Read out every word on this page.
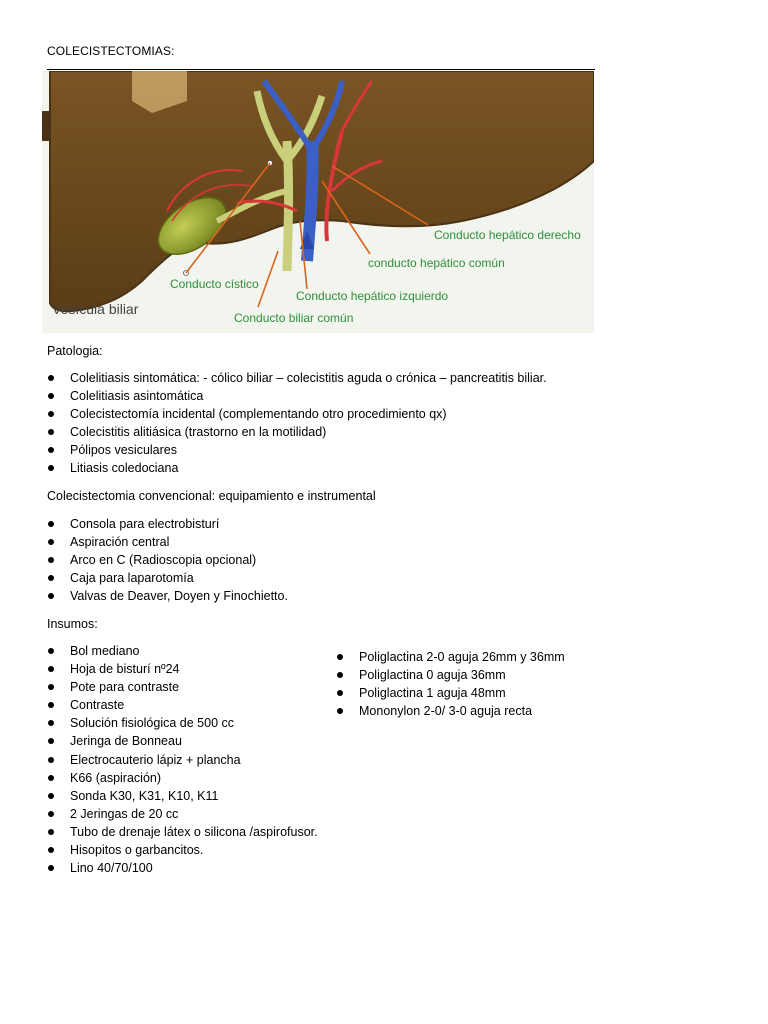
COLECISTECTOMIAS:
Conducto hepático derecho
conducto hepático común
Conducto cístico
Conducto hepático izquierdo
Vesícula biliar
Conducto biliar común
Patologia:
Colelitiasis sintomática: - cólico biliar – colecistitis aguda o crónica – pancreatitis biliar.
Colelitiasis asintomática
Colecistectomía incidental (complementando otro procedimiento qx)
Colecistitis alitiásica (trastorno en la motilidad)
Pólipos vesiculares
Litiasis coledociana
Colecistectomia convencional: equipamiento e instrumental
Consola para electrobisturí
Aspiración central
Arco en C (Radioscopia opcional)
Caja para laparotomía
Valvas de Deaver, Doyen y Finochietto.
Insumos:
Bol mediano
Hoja de bisturí nº24
Pote para contraste
Contraste
Solución fisiológica de 500 cc
Jeringa de Bonneau
Electrocauterio lápiz + plancha
K66 (aspiración)
Sonda K30, K31, K10, K11
2 Jeringas de 20 cc
Tubo de drenaje látex o silicona /aspirofusor.
Hisopitos o garbancitos.
Lino 40/70/100
Poliglactina 2-0 aguja 26mm y 36mm
Poliglactina 0 aguja 36mm
Poliglactina 1 aguja 48mm
Mononylon 2-0/ 3-0 aguja recta
